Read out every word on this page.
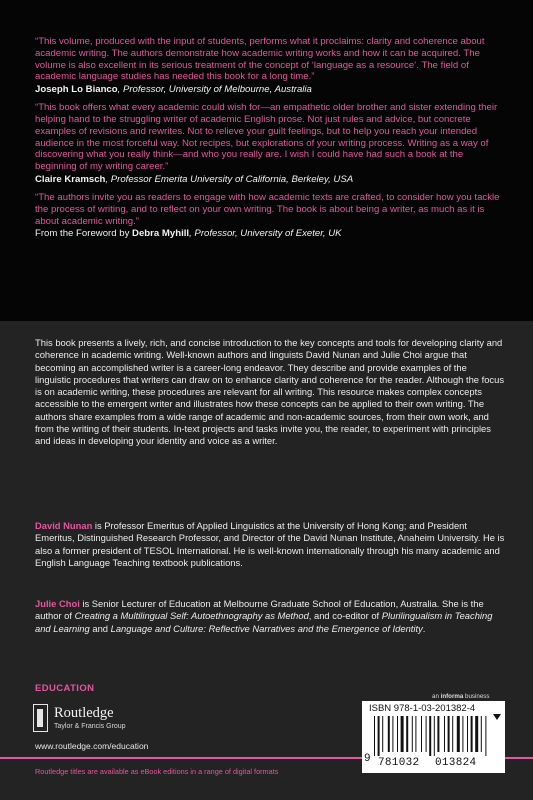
“This volume, produced with the input of students, performs what it proclaims: clarity and coherence about academic writing. The authors demonstrate how academic writing works and how it can be acquired. The volume is also excellent in its serious treatment of the concept of ‘language as a resource’. The field of academic language studies has needed this book for a long time.”

Joseph Lo Bianco, Professor, University of Melbourne, Australia

“This book offers what every academic could wish for—an empathetic older brother and sister extending their helping hand to the struggling writer of academic English prose. Not just rules and advice, but concrete examples of revisions and rewrites. Not to relieve your guilt feelings, but to help you reach your intended audience in the most forceful way. Not recipes, but explorations of your writing process. Writing as a way of discovering what you really think—and who you really are. I wish I could have had such a book at the beginning of my writing career.”

Claire Kramsch, Professor Emerita University of California, Berkeley, USA

“The authors invite you as readers to engage with how academic texts are crafted, to consider how you tackle the process of writing, and to reflect on your own writing. The book is about being a writer, as much as it is about academic writing.”

From the Foreword by Debra Myhill, Professor, University of Exeter, UK

This book presents a lively, rich, and concise introduction to the key concepts and tools for developing clarity and coherence in academic writing. Well-known authors and linguists David Nunan and Julie Choi argue that becoming an accomplished writer is a career-long endeavor. They describe and provide examples of the linguistic procedures that writers can draw on to enhance clarity and coherence for the reader. Although the focus is on academic writing, these procedures are relevant for all writing. This resource makes complex concepts accessible to the emergent writer and illustrates how these concepts can be applied to their own writing. The authors share examples from a wide range of academic and non-academic sources, from their own work, and from the writing of their students. In-text projects and tasks invite you, the reader, to experiment with principles and ideas in developing your identity and voice as a writer.

David Nunan is Professor Emeritus of Applied Linguistics at the University of Hong Kong; and President Emeritus, Distinguished Research Professor, and Director of the David Nunan Institute, Anaheim University. He is also a former president of TESOL International. He is well-known internationally through his many academic and English Language Teaching textbook publications.

Julie Choi is Senior Lecturer of Education at Melbourne Graduate School of Education, Australia. She is the author of Creating a Multilingual Self: Autoethnography as Method, and co-editor of Plurilingualism in Teaching and Learning and Language and Culture: Reflective Narratives and the Emergence of Identity.

EDUCATION
Routledge
Taylor & Francis Group
www.routledge.com/education
Routledge titles are available as eBook editions in a range of digital formats
an informa business
ISBN 978-1-03-201382-4
9 781032 013824
